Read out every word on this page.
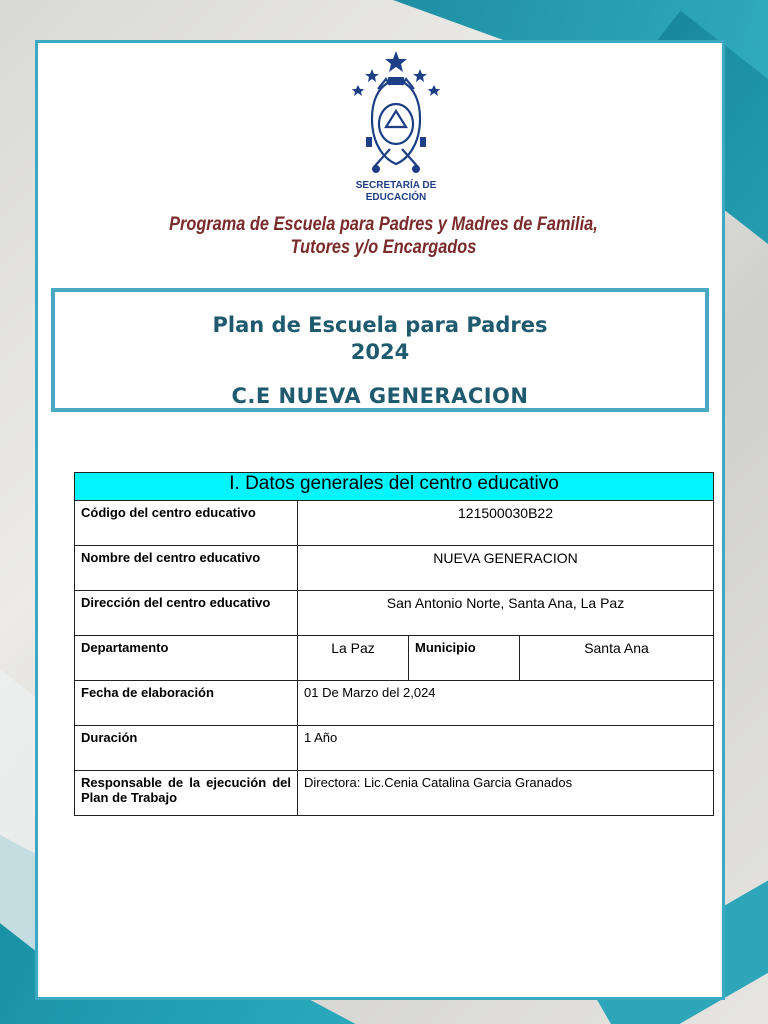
SECRETARÍA DE
EDUCACIÓN
Programa de Escuela para Padres y Madres de Familia,
Tutores y/o Encargados
Plan de Escuela para Padres
2024
C.E NUEVA GENERACION
I. Datos generales del centro educativo			
Código del centro educativo	121500030B22		
Nombre del centro educativo	NUEVA GENERACION		
Dirección del centro educativo	San Antonio Norte, Santa Ana, La Paz		
Departamento	La Paz	Municipio	Santa Ana
Fecha de elaboración	01 De Marzo del 2,024		
Duración	1 Año		
Responsable de la ejecución del Plan de Trabajo	Directora: Lic.Cenia Catalina Garcia Granados		
